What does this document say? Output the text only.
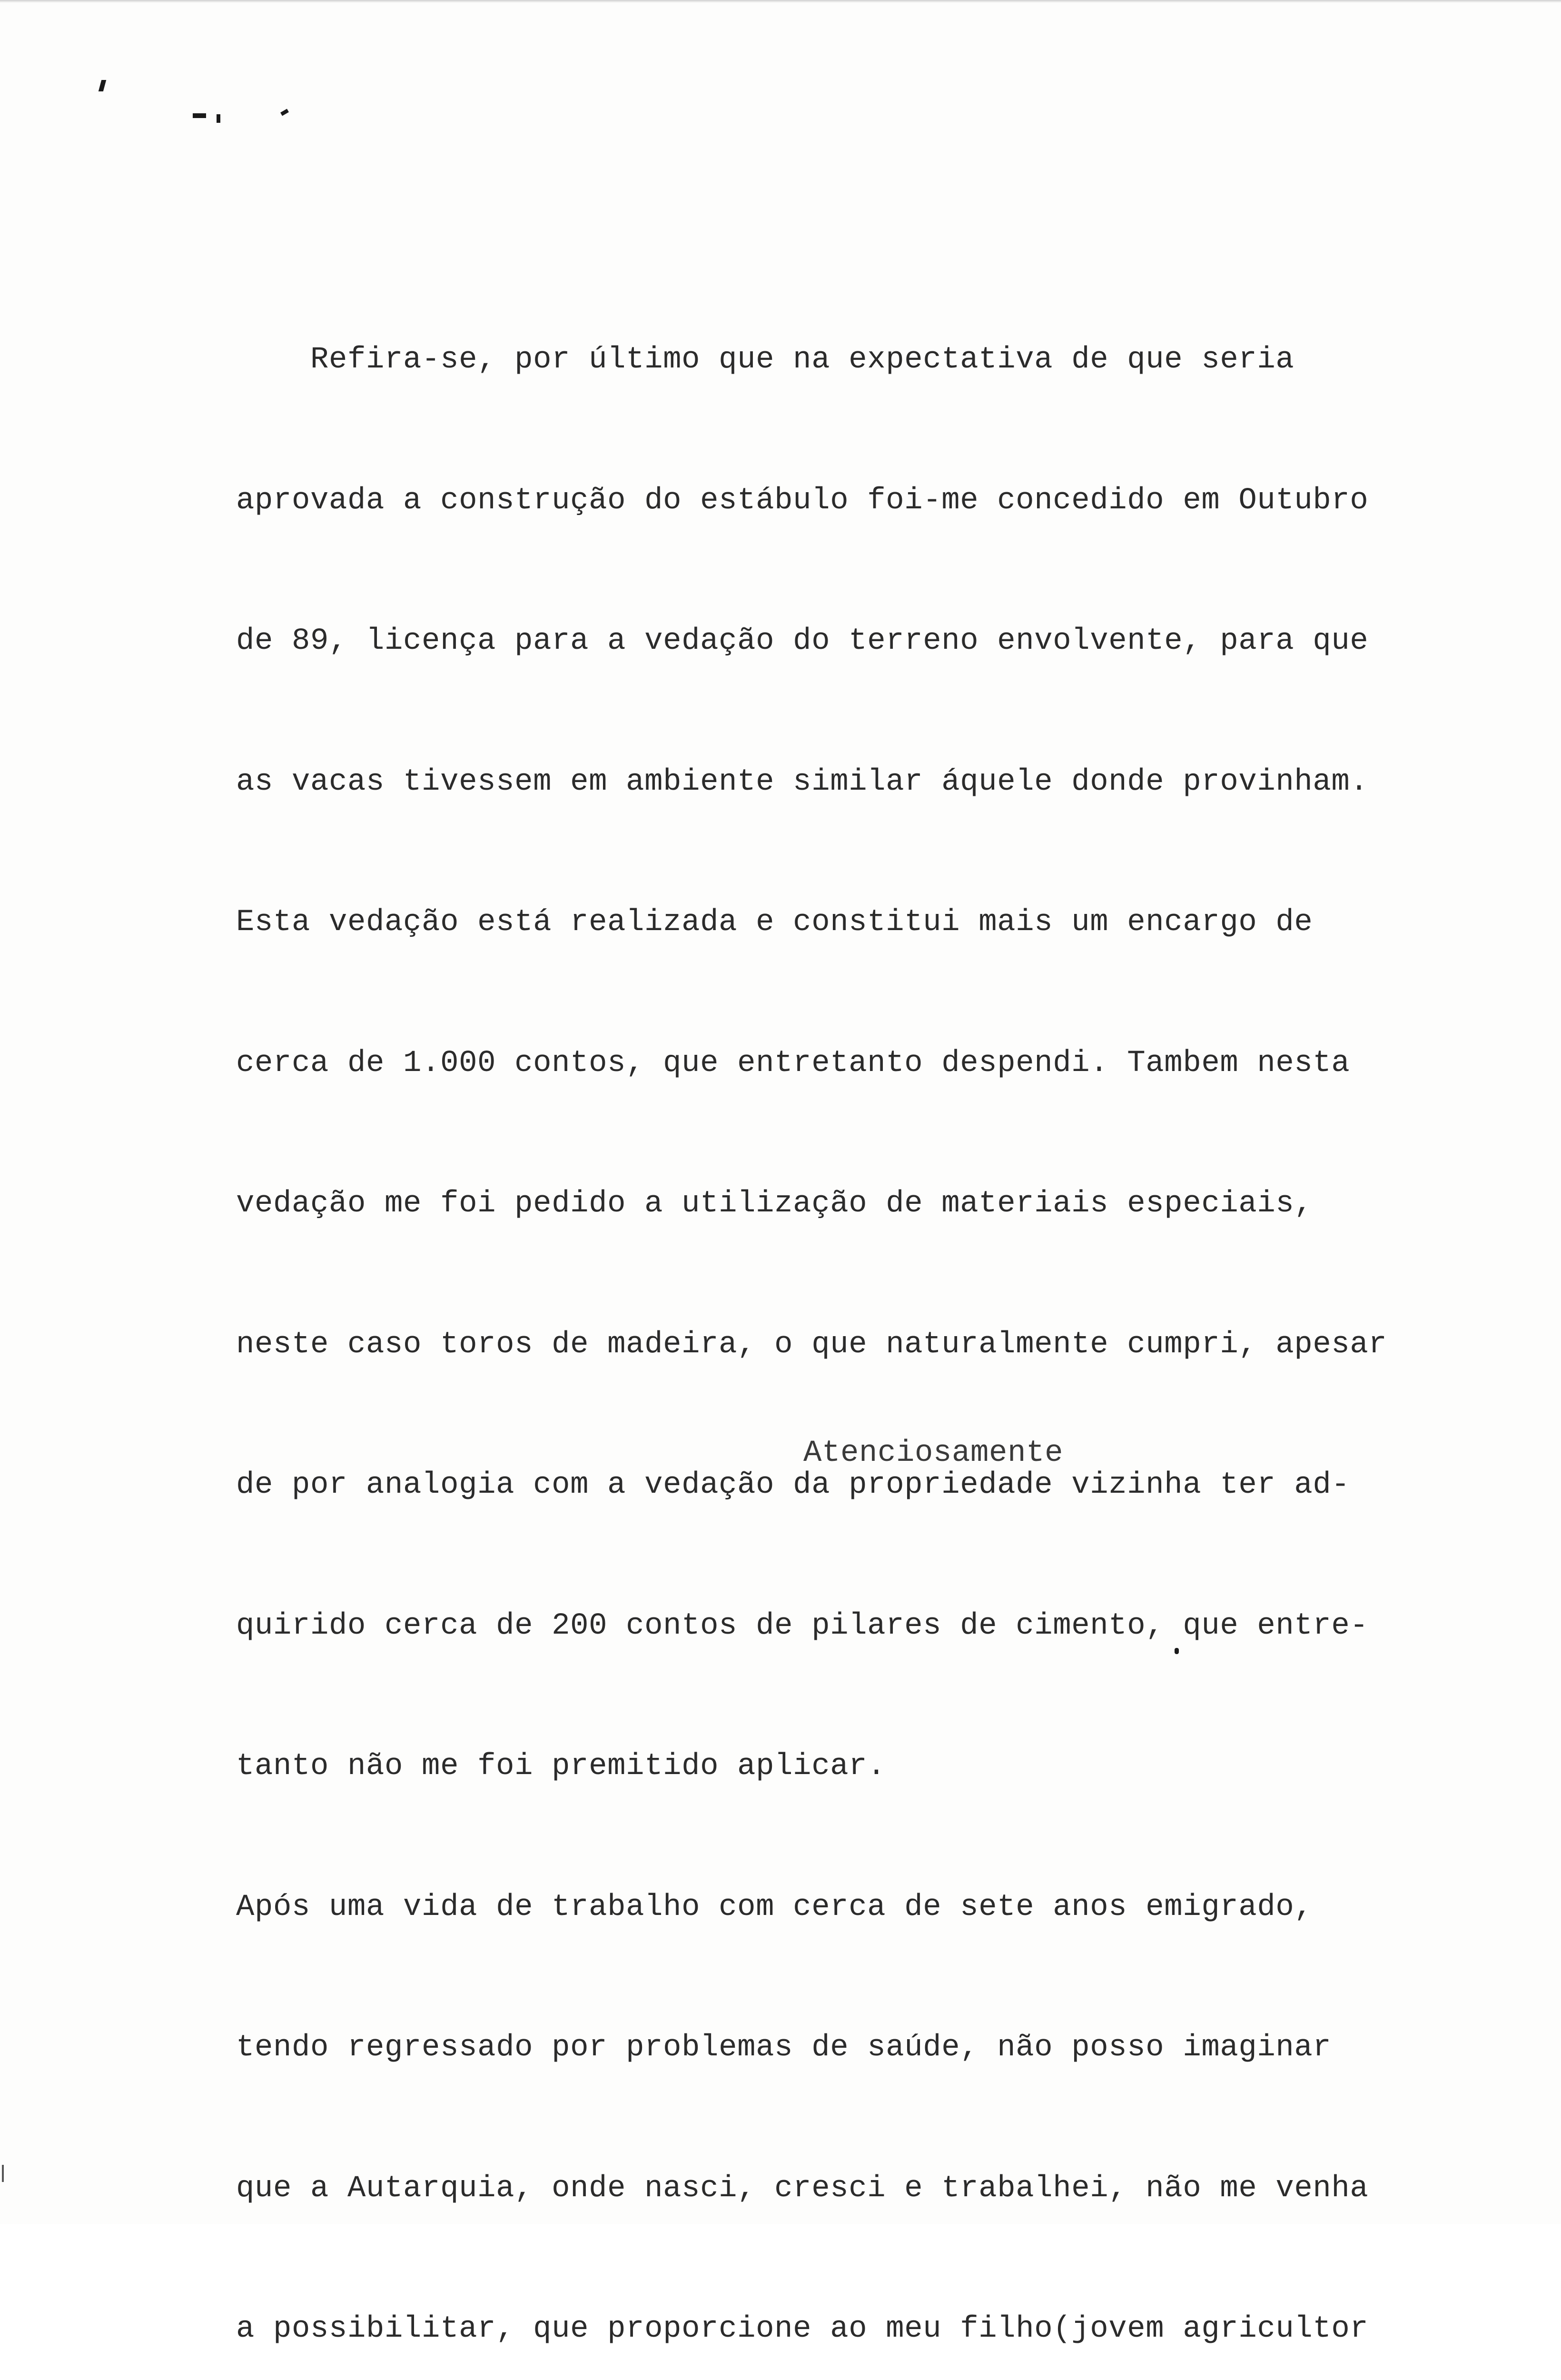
Refira-se, por último que na expectativa de que seria

aprovada a construção do estábulo foi-me concedido em Outubro

de 89, licença para a vedação do terreno envolvente, para que

as vacas tivessem em ambiente similar áquele donde provinham.

Esta vedação está realizada e constitui mais um encargo de

cerca de 1.000 contos, que entretanto despendi. Tambem nesta

vedação me foi pedido a utilização de materiais especiais,

neste caso toros de madeira, o que naturalmente cumpri, apesar

de por analogia com a vedação da propriedade vizinha ter ad-

quirido cerca de 200 contos de pilares de cimento, que entre-

tanto não me foi premitido aplicar.

Após uma vida de trabalho com cerca de sete anos emigrado,

tendo regressado por problemas de saúde, não posso imaginar

que a Autarquia, onde nasci, cresci e trabalhei, não me venha

a possibilitar, que proporcione ao meu filho(jovem agricultor

Atenciosamente
